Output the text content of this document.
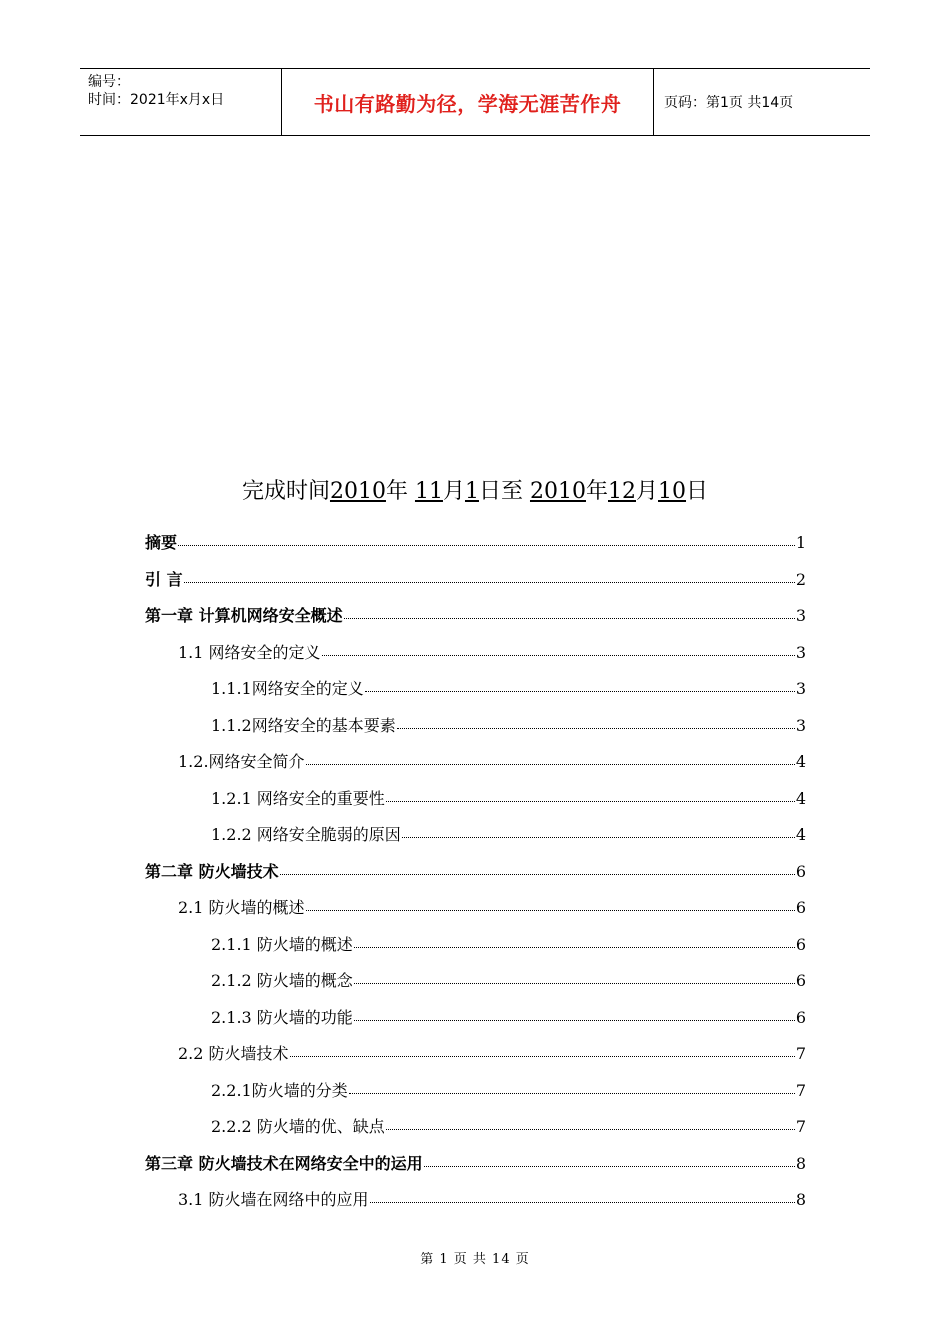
编号：
时间：2021年x月x日	书山有路勤为径，学海无涯苦作舟	页码：第1页 共14页
完成时间2010年 11月1日至 2010年12月10日
摘要	1
引 言	2
第一章 计算机网络安全概述	3
1.1 网络安全的定义	3
1.1.1网络安全的定义	3
1.1.2网络安全的基本要素	3
1.2.网络安全简介	4
1.2.1 网络安全的重要性	4
1.2.2 网络安全脆弱的原因	4
第二章 防火墙技术	6
2.1 防火墙的概述	6
2.1.1 防火墙的概述	6
2.1.2 防火墙的概念	6
2.1.3 防火墙的功能	6
2.2 防火墙技术	7
2.2.1防火墙的分类	7
2.2.2 防火墙的优、缺点	7
第三章 防火墙技术在网络安全中的运用	8
3.1 防火墙在网络中的应用	8
第 1 页 共 14 页
